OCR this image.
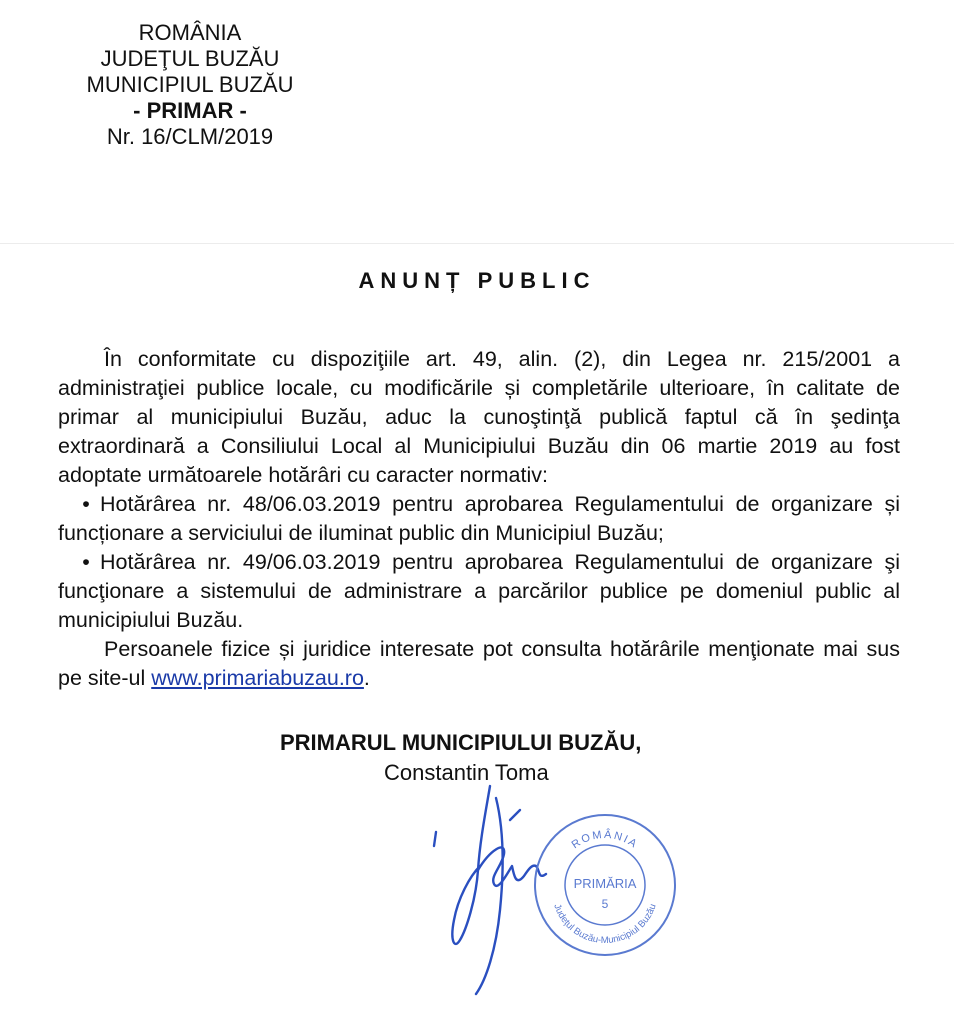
ROMÂNIA
JUDEŢUL BUZĂU
MUNICIPIUL BUZĂU
- PRIMAR -
Nr. 16/CLM/2019
ANUNȚ PUBLIC
În conformitate cu dispoziţiile art. 49, alin. (2), din Legea nr. 215/2001 a administraţiei publice locale, cu modificările și completările ulterioare, în calitate de primar al municipiului Buzău, aduc la cunoştinţă publică faptul că în şedinţa extraordinară a Consiliului Local al Municipiului Buzău din 06 martie 2019 au fost adoptate următoarele hotărâri cu caracter normativ:
• Hotărârea nr. 48/06.03.2019 pentru aprobarea Regulamentului de organizare și funcționare a serviciului de iluminat public din Municipiul Buzău;
• Hotărârea nr. 49/06.03.2019 pentru aprobarea Regulamentului de organizare şi funcţionare a sistemului de administrare a parcărilor publice pe domeniul public al municipiului Buzău.
Persoanele fizice și juridice interesate pot consulta hotărârile menţionate mai sus pe site-ul www.primariabuzau.ro.
PRIMARUL MUNICIPIULUI BUZĂU,
Constantin Toma
ROMÂNIA
Județul Buzău-Municipiul Buzău
PRIMĂRIA
5
